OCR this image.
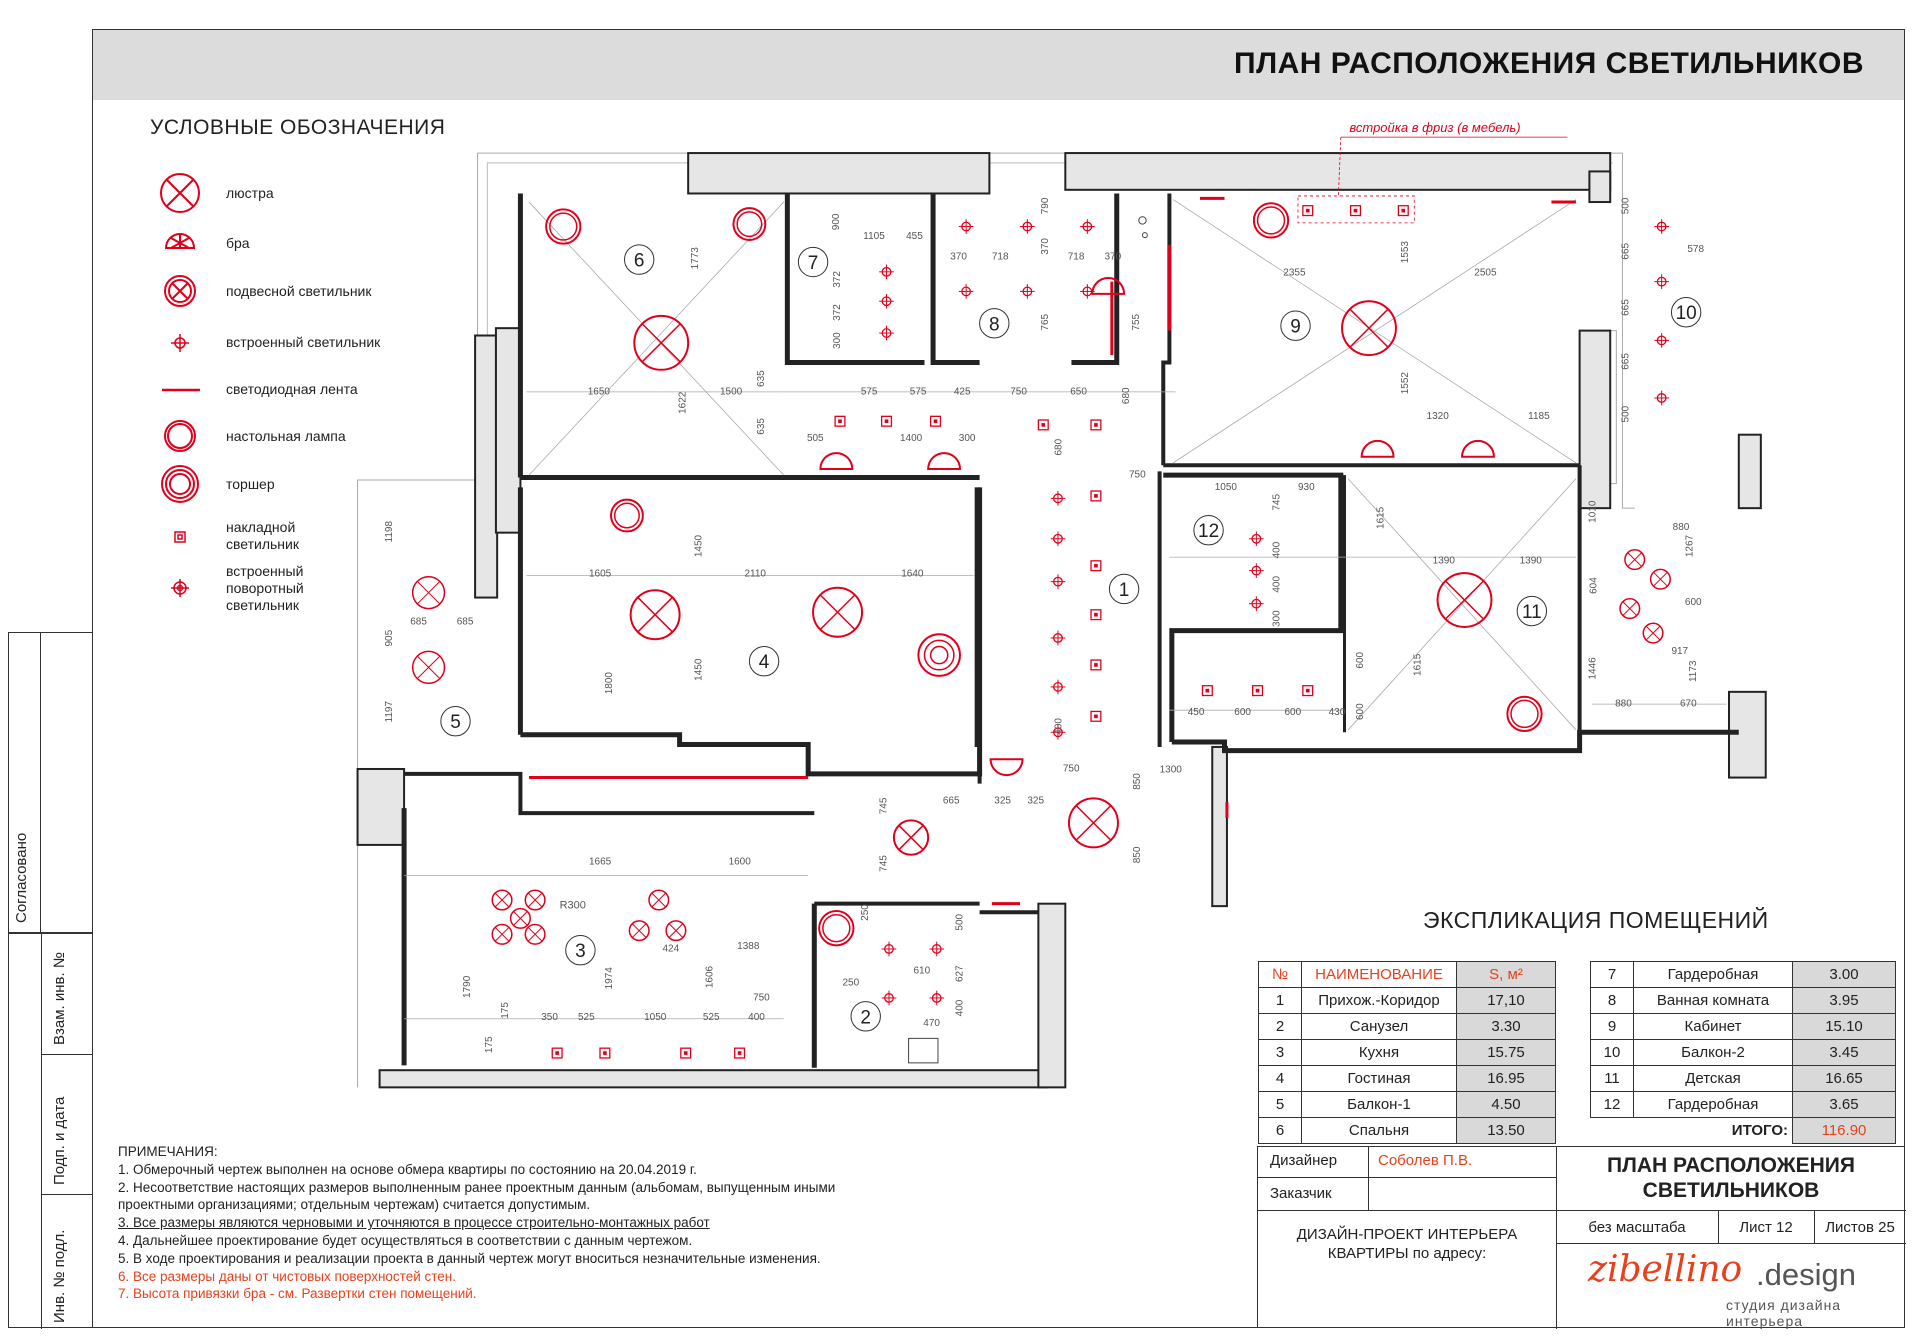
ПЛАН РАСПОЛОЖЕНИЯ СВЕТИЛЬНИКОВ
Согласовано
Взам. инв. №
Подп. и дата
Инв. № подл.
УСЛОВНЫЕ ОБОЗНАЧЕНИЯ
люстра
бра
подвесной светильник
встроенный светильник
светодиодная лента
настольная лампа
торшер
накладной
светильник
встроенный
поворотный
светильник
встройка в фриз (в мебель)
1
2
3
4
5
6	7
8	9
10
11
12
R300
1650	1500
1622
1773
635
635
575	575	425	750	650	680
505	1400	300
680
750
1105 455
900
372
372
300
370 718
790
718 370
370
765	755
2355	2505
1553
1552
1320	1185
500
665
665
665
500
578
1198
685	685
905
1197
1605	2110	1640
1450
1800
1450
1050	930
745
400
400
300
1615
1390	1390
1010
880
1267
604
600
917
1446
880	670
1173
1615
600
600
450	600	600	430
400
750	1300
850
850
665	325 325
745
745
1665	1600
1388
1606
1974
1790
424
750
350 525	1050	525	400
175
175
250
250
610
500
627
470
400
ПРИМЕЧАНИЯ:
1. Обмерочный чертеж выполнен на основе обмера квартиры по состоянию на 20.04.2019 г.
2. Несоответствие настоящих размеров выполненным ранее проектным данным (альбомам, выпущенным иными
проектными организациями; отдельным чертежам) считается допустимым.
3. Все размеры являются черновыми и уточняются в процессе строительно-монтажных работ
4. Дальнейшее проектирование будет осуществляться в соответствии с данным чертежом.
5. В ходе проектирования и реализации проекта в данный чертеж могут вноситься незначительные изменения.
6. Все размеры даны от чистовых поверхностей стен.
7. Высота привязки бра - см. Развертки стен помещений.
ЭКСПЛИКАЦИЯ ПОМЕЩЕНИЙ
№	НАИМЕНОВАНИЕ	S, м²
1	Прихож.-Коридор	17,10
2	Санузел	3.30
3	Кухня	15.75
4	Гостиная	16.95
5	Балкон-1	4.50
6	Спальня	13.50
7	Гардеробная	3.00
8	Ванная комната	3.95
9	Кабинет	15.10
10	Балкон-2	3.45
11	Детская	16.65
12	Гардеробная	3.65
	ИТОГО:	116.90
Дизайнер	Соболев П.В.
Заказчик
ПЛАН РАСПОЛОЖЕНИЯ
СВЕТИЛЬНИКОВ
ДИЗАЙН-ПРОЕКТ ИНТЕРЬЕРА
КВАРТИРЫ по адресу:
без масштаба	Лист 12	Листов 25
zibellino .design
студия дизайна интерьера
